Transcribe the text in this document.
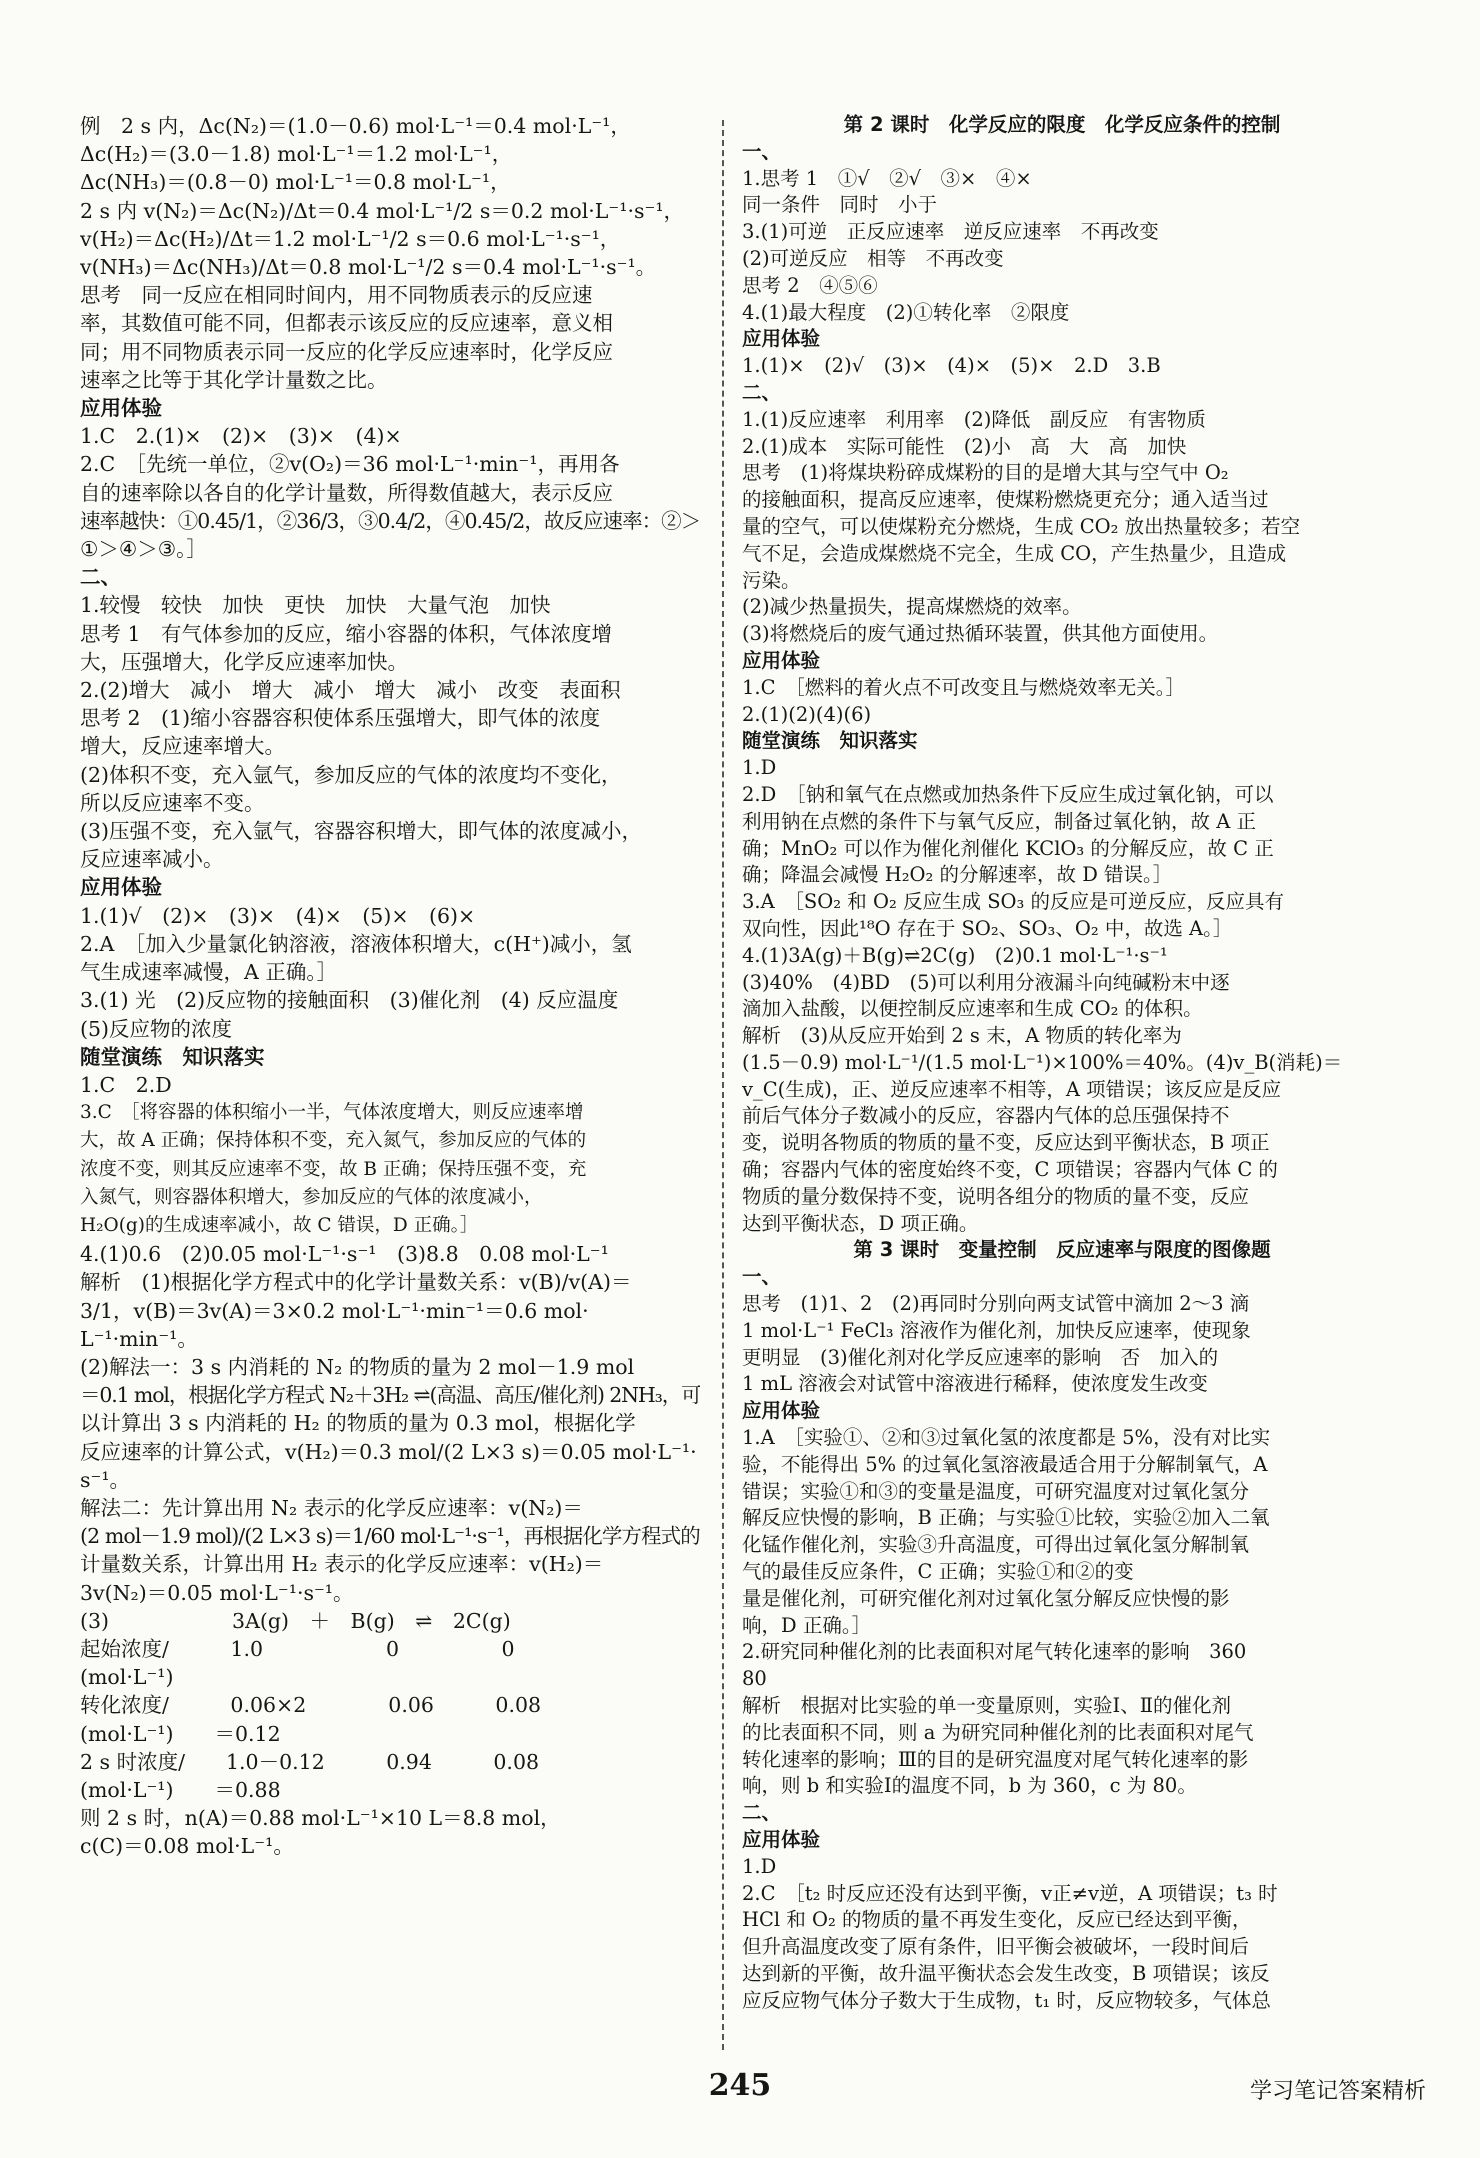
例　2 s 内，Δc(N₂)＝(1.0－0.6) mol·L⁻¹＝0.4 mol·L⁻¹，
Δc(H₂)＝(3.0－1.8) mol·L⁻¹＝1.2 mol·L⁻¹，
Δc(NH₃)＝(0.8－0) mol·L⁻¹＝0.8 mol·L⁻¹，
2 s 内 v(N₂)＝Δc(N₂)/Δt＝0.4 mol·L⁻¹/2 s＝0.2 mol·L⁻¹·s⁻¹，
v(H₂)＝Δc(H₂)/Δt＝1.2 mol·L⁻¹/2 s＝0.6 mol·L⁻¹·s⁻¹，
v(NH₃)＝Δc(NH₃)/Δt＝0.8 mol·L⁻¹/2 s＝0.4 mol·L⁻¹·s⁻¹。
思考　同一反应在相同时间内，用不同物质表示的反应速
率，其数值可能不同，但都表示该反应的反应速率，意义相
同；用不同物质表示同一反应的化学反应速率时，化学反应
速率之比等于其化学计量数之比。
应用体验
1.C　2.(1)×　(2)×　(3)×　(4)×
2.C　［先统一单位，②v(O₂)＝36 mol·L⁻¹·min⁻¹，再用各
自的速率除以各自的化学计量数，所得数值越大，表示反应
速率越快：①0.45/1，②36/3，③0.4/2，④0.45/2，故反应速率：②＞
①＞④＞③。］
二、
1.较慢　较快　加快　更快　加快　大量气泡　加快
思考 1　有气体参加的反应，缩小容器的体积，气体浓度增
大，压强增大，化学反应速率加快。
2.(2)增大　减小　增大　减小　增大　减小　改变　表面积
思考 2　(1)缩小容器容积使体系压强增大，即气体的浓度
增大，反应速率增大。
(2)体积不变，充入氩气，参加反应的气体的浓度均不变化，
所以反应速率不变。
(3)压强不变，充入氩气，容器容积增大，即气体的浓度减小，
反应速率减小。
应用体验
1.(1)√　(2)×　(3)×　(4)×　(5)×　(6)×
2.A　［加入少量氯化钠溶液，溶液体积增大，c(H⁺)减小，氢
气生成速率减慢，A 正确。］
3.(1) 光　(2)反应物的接触面积　(3)催化剂　(4) 反应温度
(5)反应物的浓度
随堂演练　知识落实
1.C　2.D
3.C　［将容器的体积缩小一半，气体浓度增大，则反应速率增
大，故 A 正确；保持体积不变，充入氮气，参加反应的气体的
浓度不变，则其反应速率不变，故 B 正确；保持压强不变，充
入氮气，则容器体积增大，参加反应的气体的浓度减小，
H₂O(g)的生成速率减小，故 C 错误，D 正确。］
4.(1)0.6　(2)0.05 mol·L⁻¹·s⁻¹　(3)8.8　0.08 mol·L⁻¹
解析　(1)根据化学方程式中的化学计量数关系：v(B)/v(A)＝
3/1，v(B)＝3v(A)＝3×0.2 mol·L⁻¹·min⁻¹＝0.6 mol·
L⁻¹·min⁻¹。
(2)解法一：3 s 内消耗的 N₂ 的物质的量为 2 mol－1.9 mol
＝0.1 mol，根据化学方程式 N₂＋3H₂ ⇌(高温、高压/催化剂) 2NH₃，可
以计算出 3 s 内消耗的 H₂ 的物质的量为 0.3 mol，根据化学
反应速率的计算公式，v(H₂)＝0.3 mol/(2 L×3 s)＝0.05 mol·L⁻¹·
s⁻¹。
解法二：先计算出用 N₂ 表示的化学反应速率：v(N₂)＝
(2 mol－1.9 mol)/(2 L×3 s)＝1/60 mol·L⁻¹·s⁻¹，再根据化学方程式的
计量数关系，计算出用 H₂ 表示的化学反应速率：v(H₂)＝
3v(N₂)＝0.05 mol·L⁻¹·s⁻¹。
(3)　　　　　　3A(g)　＋　B(g)　⇌　2C(g)
起始浓度/　　　1.0　　　　　　0　　　　　0
(mol·L⁻¹)
转化浓度/　　　0.06×2　　　　0.06　　　0.08
(mol·L⁻¹)　　＝0.12
2 s 时浓度/　　1.0－0.12　　　0.94　　　0.08
(mol·L⁻¹)　　＝0.88
则 2 s 时，n(A)＝0.88 mol·L⁻¹×10 L＝8.8 mol，
c(C)＝0.08 mol·L⁻¹。
第 2 课时　化学反应的限度　化学反应条件的控制
一、
1.思考 1　①√　②√　③×　④×
同一条件　同时　小于
3.(1)可逆　正反应速率　逆反应速率　不再改变
(2)可逆反应　相等　不再改变
思考 2　④⑤⑥
4.(1)最大程度　(2)①转化率　②限度
应用体验
1.(1)×　(2)√　(3)×　(4)×　(5)×　2.D　3.B
二、
1.(1)反应速率　利用率　(2)降低　副反应　有害物质
2.(1)成本　实际可能性　(2)小　高　大　高　加快
思考　(1)将煤块粉碎成煤粉的目的是增大其与空气中 O₂
的接触面积，提高反应速率，使煤粉燃烧更充分；通入适当过
量的空气，可以使煤粉充分燃烧，生成 CO₂ 放出热量较多；若空
气不足，会造成煤燃烧不完全，生成 CO，产生热量少，且造成
污染。
(2)减少热量损失，提高煤燃烧的效率。
(3)将燃烧后的废气通过热循环装置，供其他方面使用。
应用体验
1.C　［燃料的着火点不可改变且与燃烧效率无关。］
2.(1)(2)(4)(6)
随堂演练　知识落实
1.D
2.D　［钠和氧气在点燃或加热条件下反应生成过氧化钠，可以
利用钠在点燃的条件下与氧气反应，制备过氧化钠，故 A 正
确；MnO₂ 可以作为催化剂催化 KClO₃ 的分解反应，故 C 正
确；降温会减慢 H₂O₂ 的分解速率，故 D 错误。］
3.A　［SO₂ 和 O₂ 反应生成 SO₃ 的反应是可逆反应，反应具有
双向性，因此¹⁸O 存在于 SO₂、SO₃、O₂ 中，故选 A。］
4.(1)3A(g)＋B(g)⇌2C(g)　(2)0.1 mol·L⁻¹·s⁻¹
(3)40%　(4)BD　(5)可以利用分液漏斗向纯碱粉末中逐
滴加入盐酸，以便控制反应速率和生成 CO₂ 的体积。
解析　(3)从反应开始到 2 s 末，A 物质的转化率为
(1.5－0.9) mol·L⁻¹/(1.5 mol·L⁻¹)×100%＝40%。(4)v_B(消耗)＝
v_C(生成)，正、逆反应速率不相等，A 项错误；该反应是反应
前后气体分子数减小的反应，容器内气体的总压强保持不
变，说明各物质的物质的量不变，反应达到平衡状态，B 项正
确；容器内气体的密度始终不变，C 项错误；容器内气体 C 的
物质的量分数保持不变，说明各组分的物质的量不变，反应
达到平衡状态，D 项正确。
第 3 课时　变量控制　反应速率与限度的图像题
一、
思考　(1)1、2　(2)再同时分别向两支试管中滴加 2～3 滴
1 mol·L⁻¹ FeCl₃ 溶液作为催化剂，加快反应速率，使现象
更明显　(3)催化剂对化学反应速率的影响　否　加入的
1 mL 溶液会对试管中溶液进行稀释，使浓度发生改变
应用体验
1.A　［实验①、②和③过氧化氢的浓度都是 5%，没有对比实
验，不能得出 5% 的过氧化氢溶液最适合用于分解制氧气，A
错误；实验①和③的变量是温度，可研究温度对过氧化氢分
解反应快慢的影响，B 正确；与实验①比较，实验②加入二氧
化锰作催化剂，实验③升高温度，可得出过氧化氢分解制氧
气的最佳反应条件，C 正确；实验①和②的变
量是催化剂，可研究催化剂对过氧化氢分解反应快慢的影
响，D 正确。］
2.研究同种催化剂的比表面积对尾气转化速率的影响　360
80
解析　根据对比实验的单一变量原则，实验Ⅰ、Ⅱ的催化剂
的比表面积不同，则 a 为研究同种催化剂的比表面积对尾气
转化速率的影响；Ⅲ的目的是研究温度对尾气转化速率的影
响，则 b 和实验Ⅰ的温度不同，b 为 360，c 为 80。
二、
应用体验
1.D
2.C　［t₂ 时反应还没有达到平衡，v正≠v逆，A 项错误；t₃ 时
HCl 和 O₂ 的物质的量不再发生变化，反应已经达到平衡，
但升高温度改变了原有条件，旧平衡会被破坏，一段时间后
达到新的平衡，故升温平衡状态会发生改变，B 项错误；该反
应反应物气体分子数大于生成物，t₁ 时，反应物较多，气体总
245	学习笔记答案精析
